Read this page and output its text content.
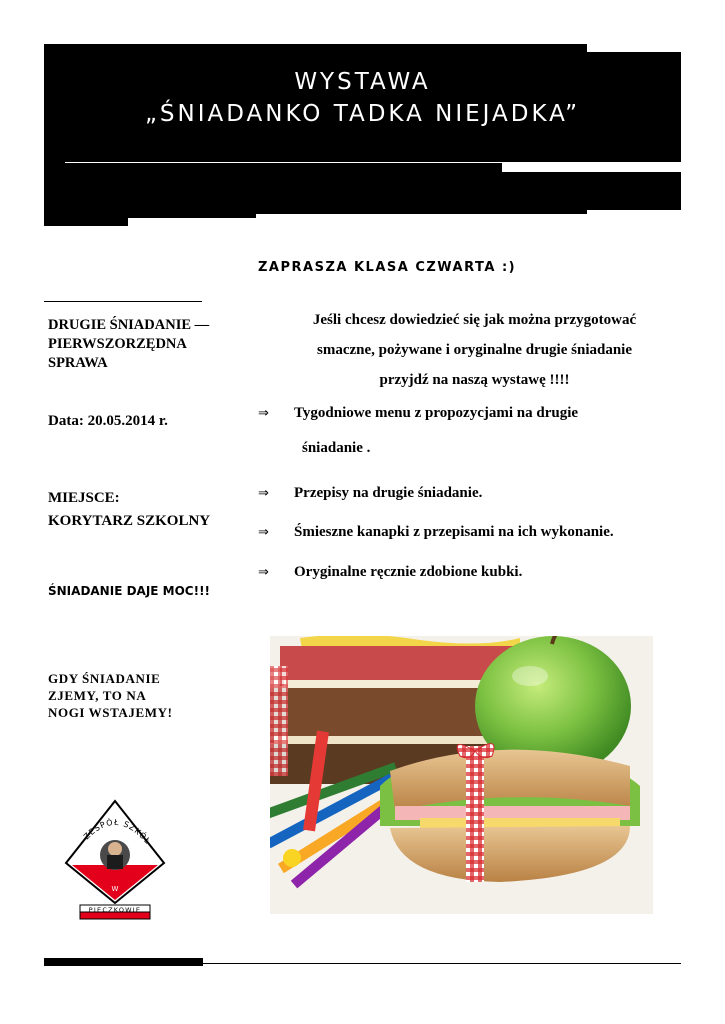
WYSTAWA
„ŚNIADANKO TADKA NIEJADKA”
ZAPRASZA KLASA CZWARTA :)
DRUGIE ŚNIADANIE — PIERWSZORZĘDNA SPRAWA
Data: 20.05.2014 r.
MIEJSCE:
KORYTARZ SZKOLNY
ŚNIADANIE DAJE MOC!!!
GDY ŚNIADANIE
ZJEMY, TO NA
NOGI WSTAJEMY!
Jeśli chcesz dowiedzieć się jak można przygotować
smaczne, pożywane i oryginalne drugie śniadanie
przyjdź na naszą wystawę !!!!
⇒ Tygodniowe menu z propozycjami na drugie
śniadanie .
⇒ Przepisy na drugie śniadanie.
⇒ Śmieszne kanapki z przepisami na ich wykonanie.
⇒ Oryginalne ręcznie zdobione kubki.
W
ZESPÓŁ SZKÓŁ
PIECZKOWIE
